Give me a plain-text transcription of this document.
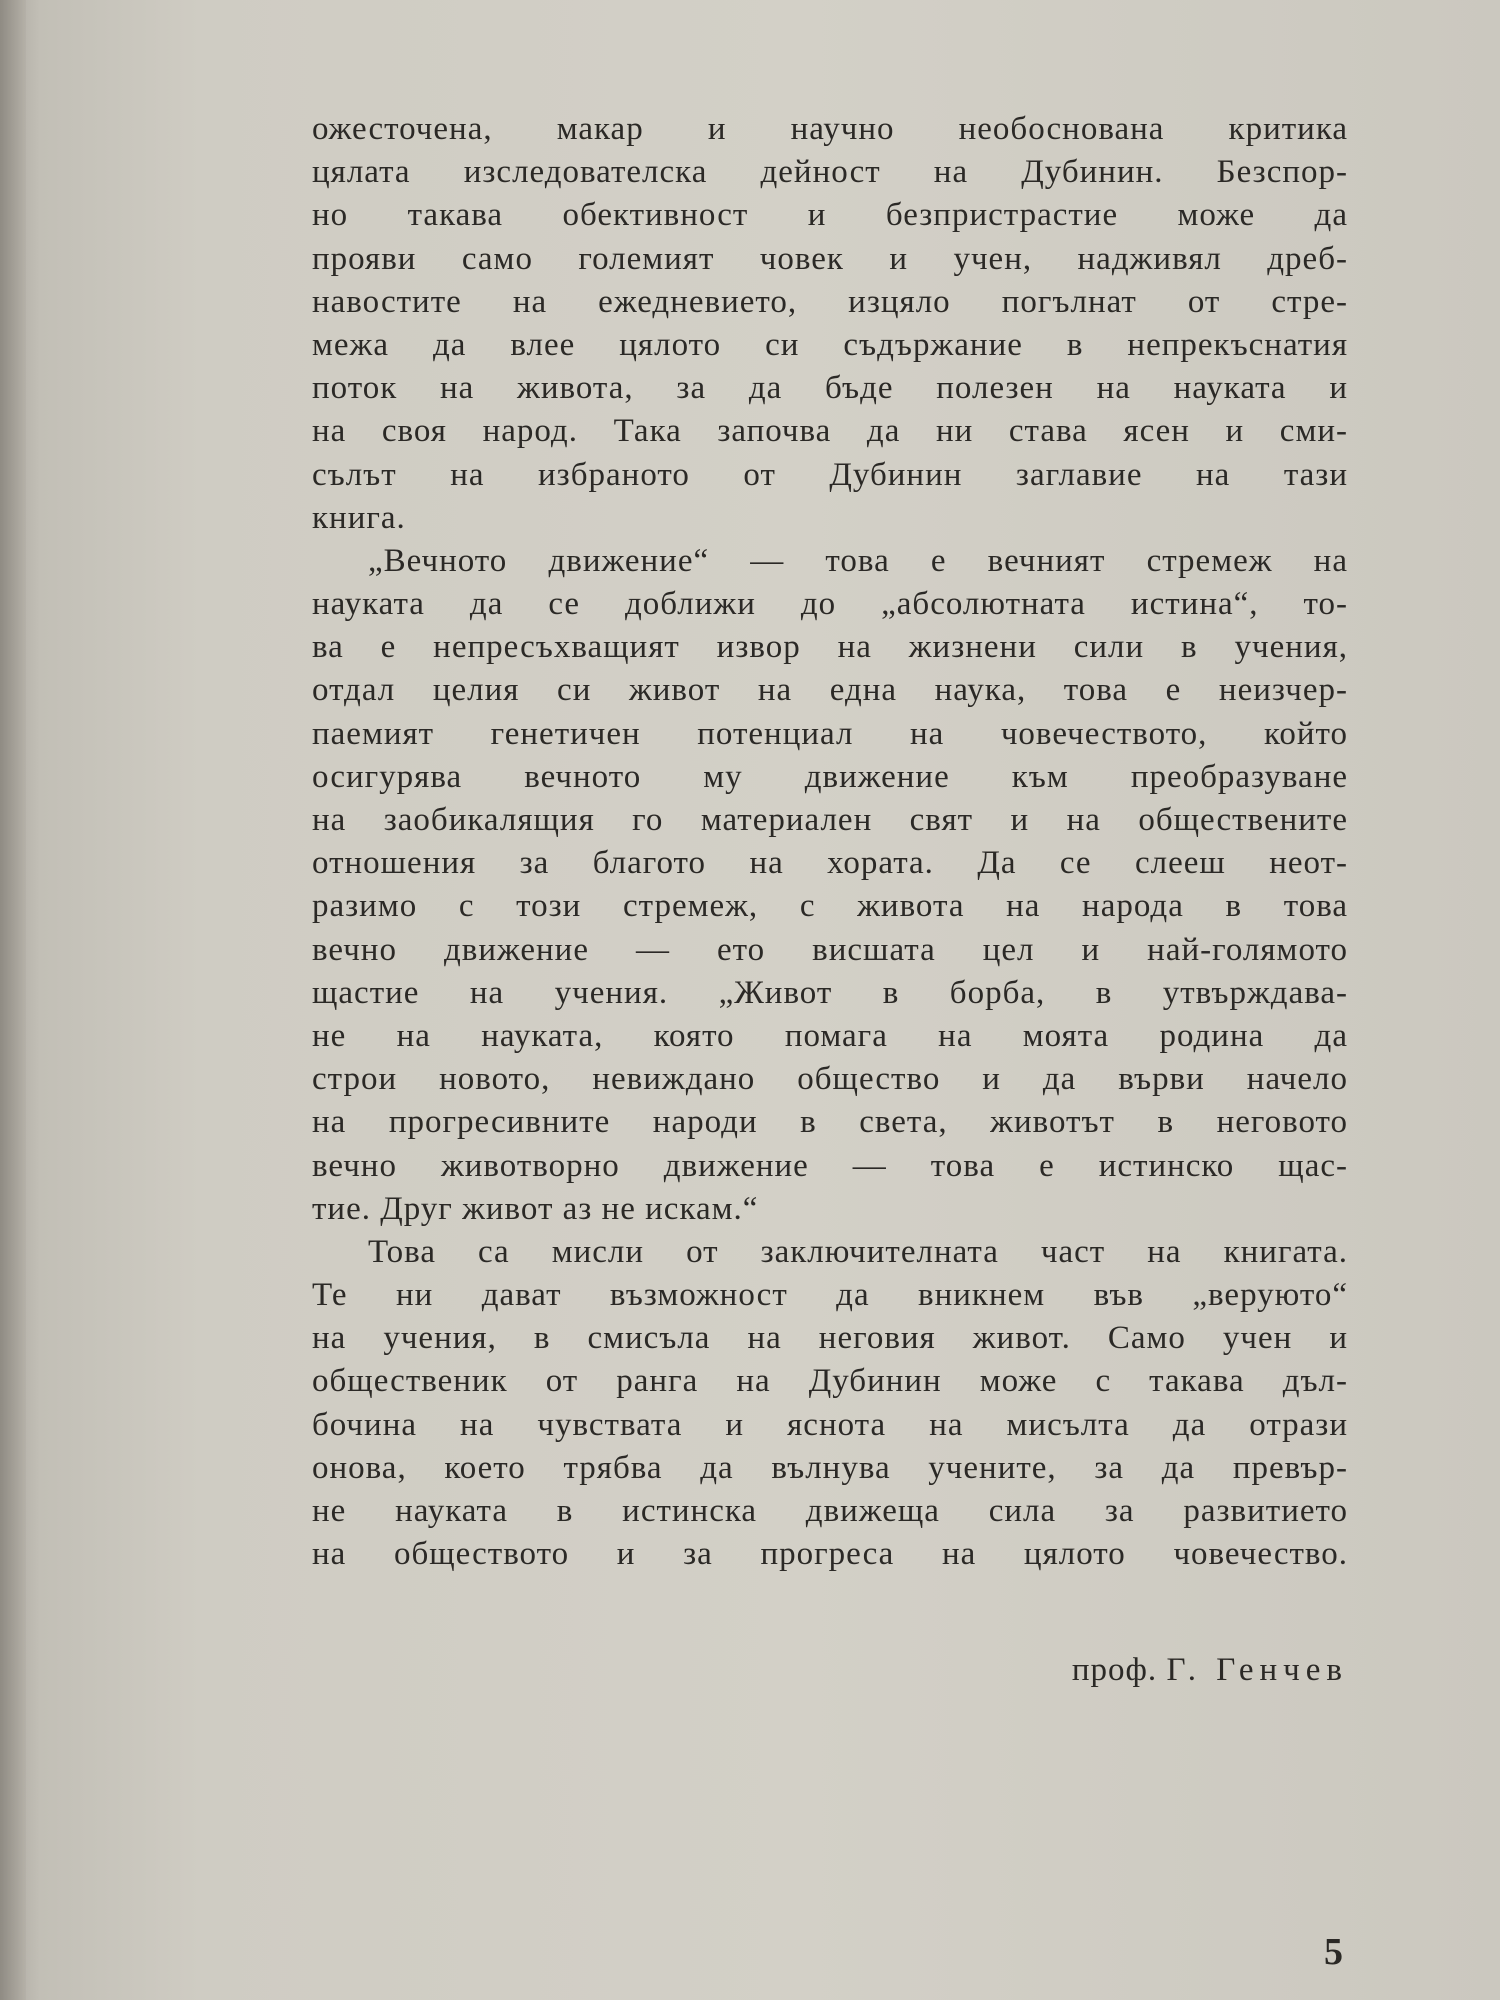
ожесточена, макар и научно необоснована критика
цялата изследователска дейност на Дубинин. Безспор-
но такава обективност и безпристрастие може да
прояви само големият човек и учен, надживял дреб-
навостите на ежедневието, изцяло погълнат от стре-
межа да влее цялото си съдържание в непрекъснатия
поток на живота, за да бъде полезен на науката и
на своя народ. Така започва да ни става ясен и сми-
сълът на избраното от Дубинин заглавие на тази
книга.
„Вечното движение“ — това е вечният стремеж на
науката да се доближи до „абсолютната истина“, то-
ва е непресъхващият извор на жизнени сили в учения,
отдал целия си живот на една наука, това е неизчер-
паемият генетичен потенциал на човечеството, който
осигурява вечното му движение към преобразуване
на заобикалящия го материален свят и на обществените
отношения за благото на хората. Да се слееш неот-
разимо с този стремеж, с живота на народа в това
вечно движение — ето висшата цел и най-голямото
щастие на учения. „Живот в борба, в утвърждава-
не на науката, която помага на моята родина да
строи новото, невиждано общество и да върви начело
на прогресивните народи в света, животът в неговото
вечно животворно движение — това е истинско щас-
тие. Друг живот аз не искам.“
Това са мисли от заключителната част на книгата.
Те ни дават възможност да вникнем във „веруюто“
на учения, в смисъла на неговия живот. Само учен и
общественик от ранга на Дубинин може с такава дъл-
бочина на чувствата и яснота на мисълта да отрази
онова, което трябва да вълнува учените, за да превър-
не науката в истинска движеща сила за развитието
на обществото и за прогреса на цялото човечество.
проф. Г. Генчев
5
